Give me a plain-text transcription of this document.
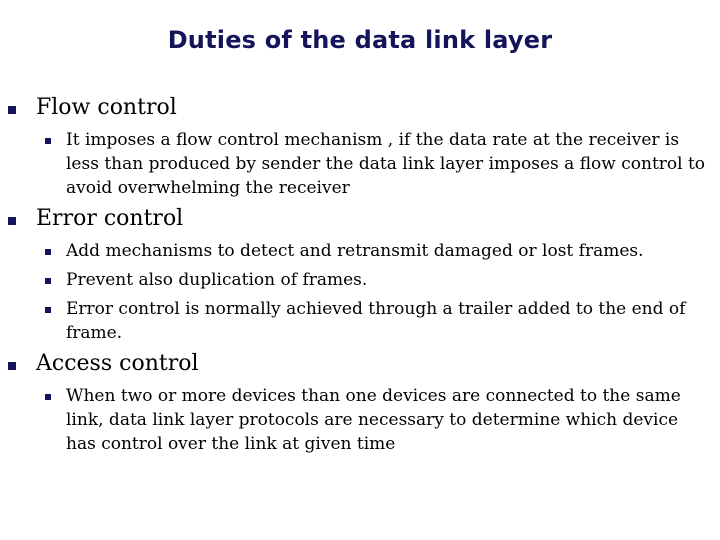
Duties of the data link layer
Flow control
It imposes a flow control mechanism , if the data rate at the receiver is less than produced by sender the data link layer imposes a flow control to avoid overwhelming the receiver
Error control
Add mechanisms to detect and retransmit damaged or lost frames.
Prevent also duplication of frames.
Error control is normally achieved through a trailer added to the end of frame.
Access control
When two or more devices than one devices are connected to the same link, data link layer protocols are necessary to determine which device has control over the link at given time
